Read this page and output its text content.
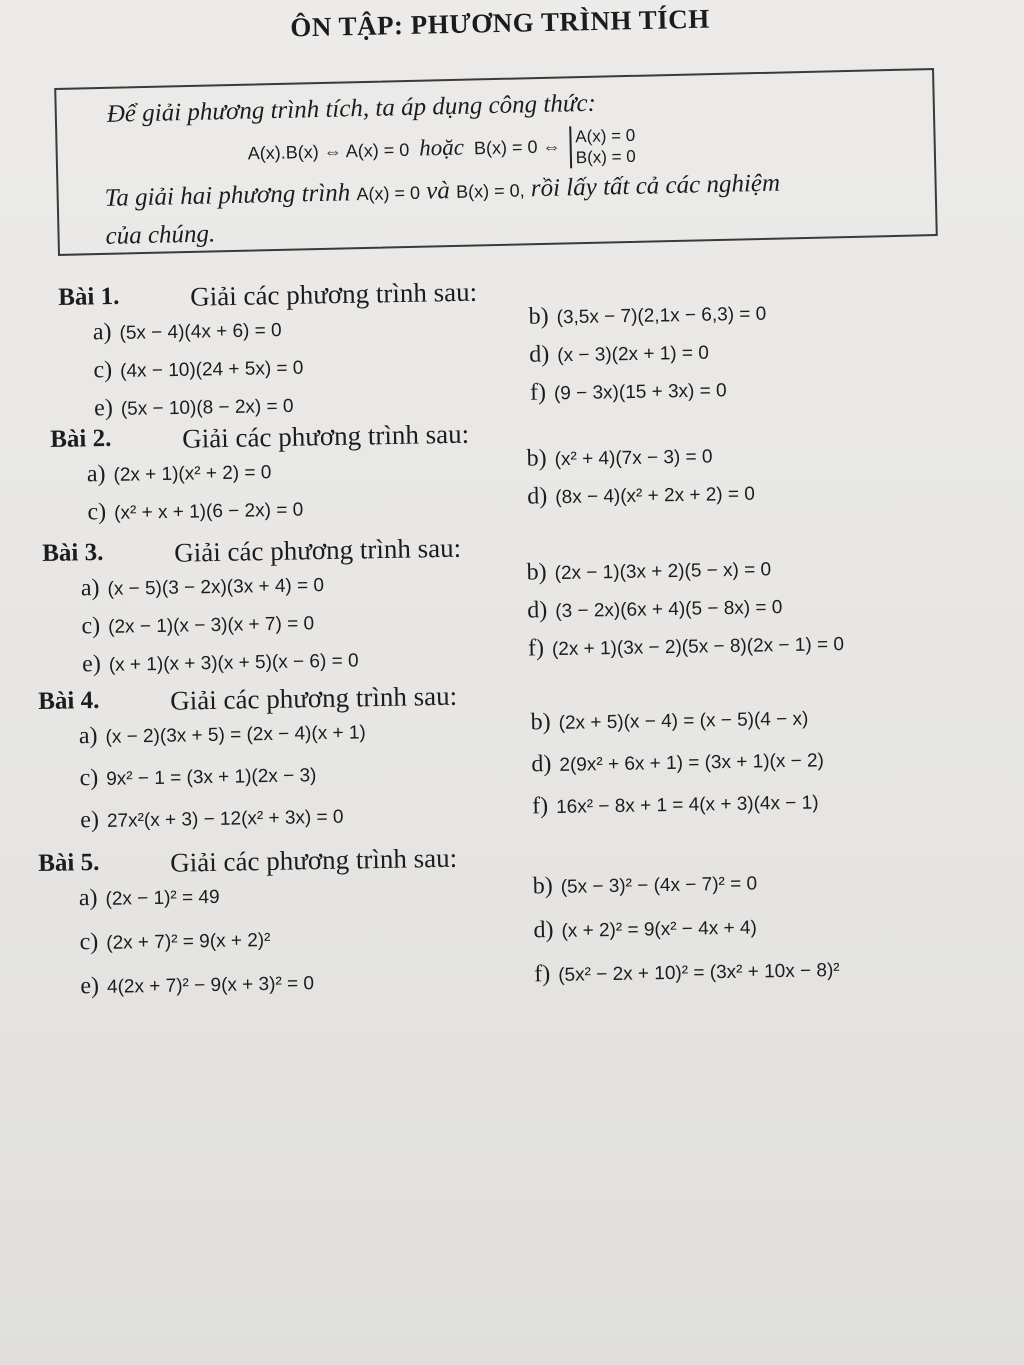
ÔN TẬP: PHƯƠNG TRÌNH TÍCH
Để giải phương trình tích, ta áp dụng công thức:
A(x).B(x) ⇔ A(x) = 0 hoặc B(x) = 0 ⇔ A(x) = 0
B(x) = 0
Ta giải hai phương trình A(x) = 0 và B(x) = 0, rồi lấy tất cả các nghiệm
của chúng.
Bài 1.	Giải các phương trình sau:
a) (5x − 4)(4x + 6) = 0
b) (3,5x − 7)(2,1x − 6,3) = 0
c) (4x − 10)(24 + 5x) = 0
d) (x − 3)(2x + 1) = 0
e) (5x − 10)(8 − 2x) = 0
f) (9 − 3x)(15 + 3x) = 0
Bài 2.	Giải các phương trình sau:
a) (2x + 1)(x² + 2) = 0
b) (x² + 4)(7x − 3) = 0
c) (x² + x + 1)(6 − 2x) = 0
d) (8x − 4)(x² + 2x + 2) = 0
Bài 3.	Giải các phương trình sau:
a) (x − 5)(3 − 2x)(3x + 4) = 0
b) (2x − 1)(3x + 2)(5 − x) = 0
c) (2x − 1)(x − 3)(x + 7) = 0
d) (3 − 2x)(6x + 4)(5 − 8x) = 0
e) (x + 1)(x + 3)(x + 5)(x − 6) = 0
f) (2x + 1)(3x − 2)(5x − 8)(2x − 1) = 0
Bài 4.	Giải các phương trình sau:
a) (x − 2)(3x + 5) = (2x − 4)(x + 1)	b) (2x + 5)(x − 4) = (x − 5)(4 − x)
c) 9x² − 1 = (3x + 1)(2x − 3)
d) 2(9x² + 6x + 1) = (3x + 1)(x − 2)
e) 27x²(x + 3) − 12(x² + 3x) = 0	f) 16x² − 8x + 1 = 4(x + 3)(4x − 1)
Bài 5.	Giải các phương trình sau:
a) (2x − 1)² = 49	b) (5x − 3)² − (4x − 7)² = 0
c) (2x + 7)² = 9(x + 2)²	d) (x + 2)² = 9(x² − 4x + 4)
e) 4(2x + 7)² − 9(x + 3)² = 0	f) (5x² − 2x + 10)² = (3x² + 10x − 8)²
